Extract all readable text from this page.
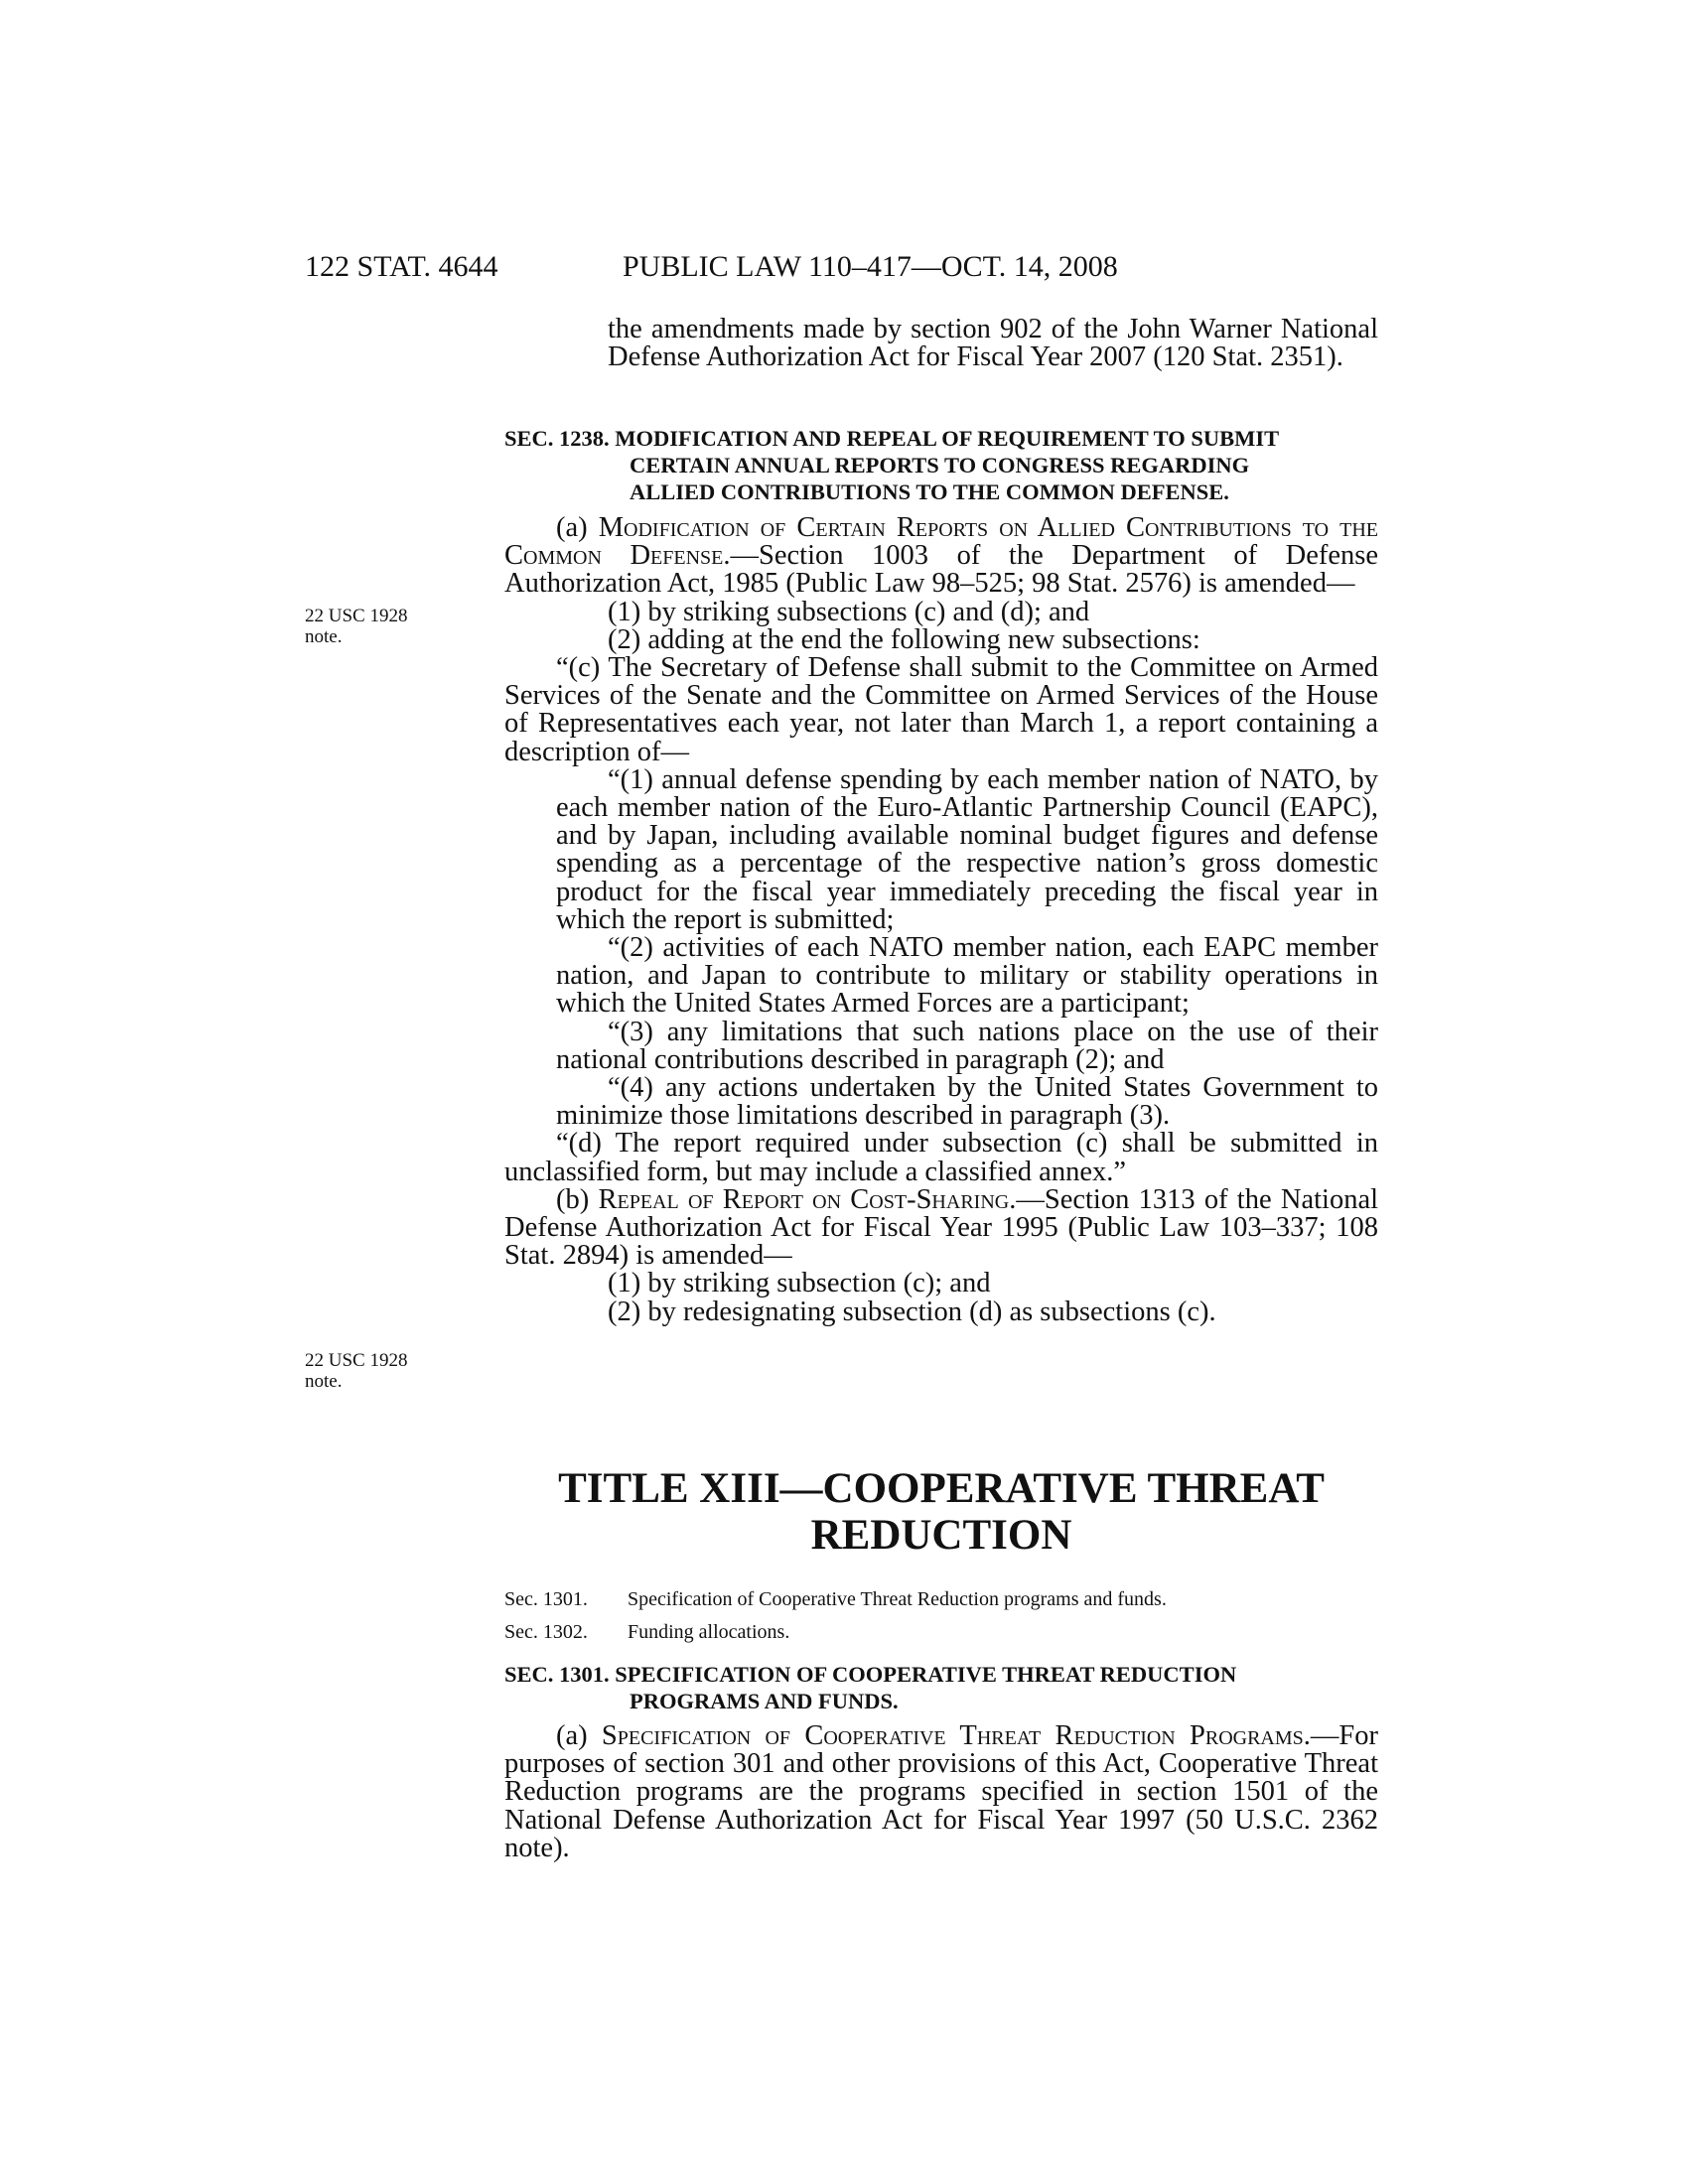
122 STAT. 4644	PUBLIC LAW 110–417—OCT. 14, 2008

the amendments made by section 902 of the John Warner National Defense Authorization Act for Fiscal Year 2007 (120 Stat. 2351).

SEC. 1238. MODIFICATION AND REPEAL OF REQUIREMENT TO SUBMIT
CERTAIN ANNUAL REPORTS TO CONGRESS REGARDING
ALLIED CONTRIBUTIONS TO THE COMMON DEFENSE.

(a) Modification of Certain Reports on Allied Contributions to the Common Defense.—Section 1003 of the Department of Defense Authorization Act, 1985 (Public Law 98–525; 98 Stat. 2576) is amended—

(1) by striking subsections (c) and (d); and

(2) adding at the end the following new subsections:

“(c) The Secretary of Defense shall submit to the Committee on Armed Services of the Senate and the Committee on Armed Services of the House of Representatives each year, not later than March 1, a report containing a description of—

“(1) annual defense spending by each member nation of NATO, by each member nation of the Euro-Atlantic Partnership Council (EAPC), and by Japan, including available nominal budget figures and defense spending as a percentage of the respective nation’s gross domestic product for the fiscal year immediately preceding the fiscal year in which the report is submitted;

“(2) activities of each NATO member nation, each EAPC member nation, and Japan to contribute to military or stability operations in which the United States Armed Forces are a participant;

“(3) any limitations that such nations place on the use of their national contributions described in paragraph (2); and

“(4) any actions undertaken by the United States Government to minimize those limitations described in paragraph (3).

“(d) The report required under subsection (c) shall be submitted in unclassified form, but may include a classified annex.”

(b) Repeal of Report on Cost-Sharing.—Section 1313 of the National Defense Authorization Act for Fiscal Year 1995 (Public Law 103–337; 108 Stat. 2894) is amended—

(1) by striking subsection (c); and

(2) by redesignating subsection (d) as subsections (c).

22 USC 1928
note.
22 USC 1928
note.
TITLE XIII—COOPERATIVE THREAT
REDUCTION
Sec. 1301. Specification of Cooperative Threat Reduction programs and funds.
Sec. 1302. Funding allocations.
SEC. 1301. SPECIFICATION OF COOPERATIVE THREAT REDUCTION
PROGRAMS AND FUNDS.

(a) Specification of Cooperative Threat Reduction Programs.—For purposes of section 301 and other provisions of this Act, Cooperative Threat Reduction programs are the programs specified in section 1501 of the National Defense Authorization Act for Fiscal Year 1997 (50 U.S.C. 2362 note).
